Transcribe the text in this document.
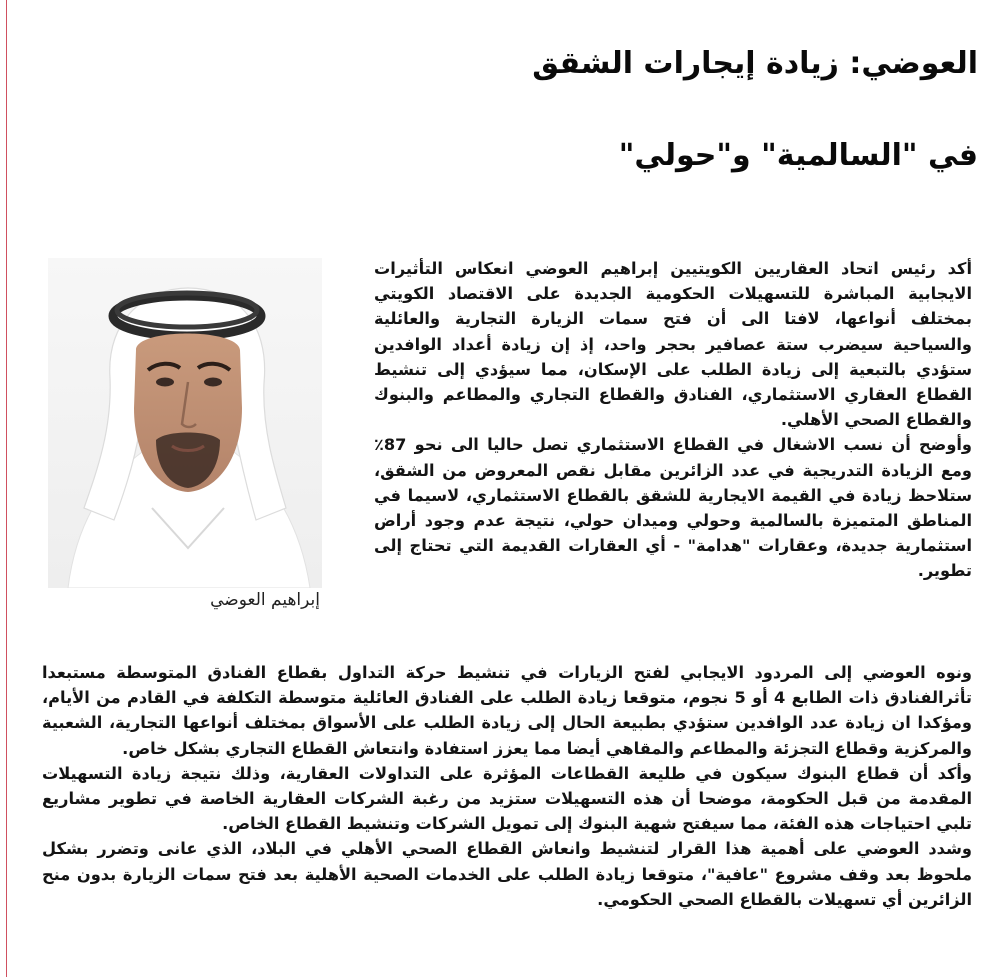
العوضي: زيادة إيجارات الشقق
في "السالمية" و"حولي"
إبراهيم العوضي

أكد رئيس اتحاد العقاريين الكويتيين إبراهيم العوضي انعكاس التأثيرات الايجابية المباشرة للتسهيلات الحكومية الجديدة على الاقتصاد الكويتي بمختلف أنواعها، لافتا الى أن فتح سمات الزيارة التجارية والعائلية والسياحية سيضرب ستة عصافير بحجر واحد، إذ إن زيادة أعداد الوافدين ستؤدي بالتبعية إلى زيادة الطلب على الإسكان، مما سيؤدي إلى تنشيط القطاع العقاري الاستثماري، الفنادق والقطاع التجاري والمطاعم والبنوك والقطاع الصحي الأهلي.

وأوضح أن نسب الاشغال في القطاع الاستثماري تصل حاليا الى نحو 87٪ ومع الزيادة التدريجية في عدد الزائرين مقابل نقص المعروض من الشقق، ستلاحظ زيادة في القيمة الايجارية للشقق بالقطاع الاستثماري، لاسيما في المناطق المتميزة بالسالمية وحولي وميدان حولي، نتيجة عدم وجود أراض استثمارية جديدة، وعقارات "هدامة" - أي العقارات القديمة التي تحتاج إلى تطوير.

ونوه العوضي إلى المردود الايجابي لفتح الزيارات في تنشيط حركة التداول بقطاع الفنادق المتوسطة مستبعدا تأثرالفنادق ذات الطابع 4 أو 5 نجوم، متوقعا زيادة الطلب على الفنادق العائلية متوسطة التكلفة في القادم من الأيام، ومؤكدا ان زيادة عدد الوافدين ستؤدي بطبيعة الحال إلى زيادة الطلب على الأسواق بمختلف أنواعها التجارية، الشعبية والمركزية وقطاع التجزئة والمطاعم والمقاهي أيضا مما يعزز استفادة وانتعاش القطاع التجاري بشكل خاص.

وأكد أن قطاع البنوك سيكون في طليعة القطاعات المؤثرة على التداولات العقارية، وذلك نتيجة زيادة التسهيلات المقدمة من قبل الحكومة، موضحا أن هذه التسهيلات ستزيد من رغبة الشركات العقارية الخاصة في تطوير مشاريع تلبي احتياجات هذه الفئة، مما سيفتح شهية البنوك إلى تمويل الشركات وتنشيط القطاع الخاص.

وشدد العوضي على أهمية هذا القرار لتنشيط وانعاش القطاع الصحي الأهلي في البلاد، الذي عانى وتضرر بشكل ملحوظ بعد وقف مشروع "عافية"، متوقعا زيادة الطلب على الخدمات الصحية الأهلية بعد فتح سمات الزيارة بدون منح الزائرين أي تسهيلات بالقطاع الصحي الحكومي.
